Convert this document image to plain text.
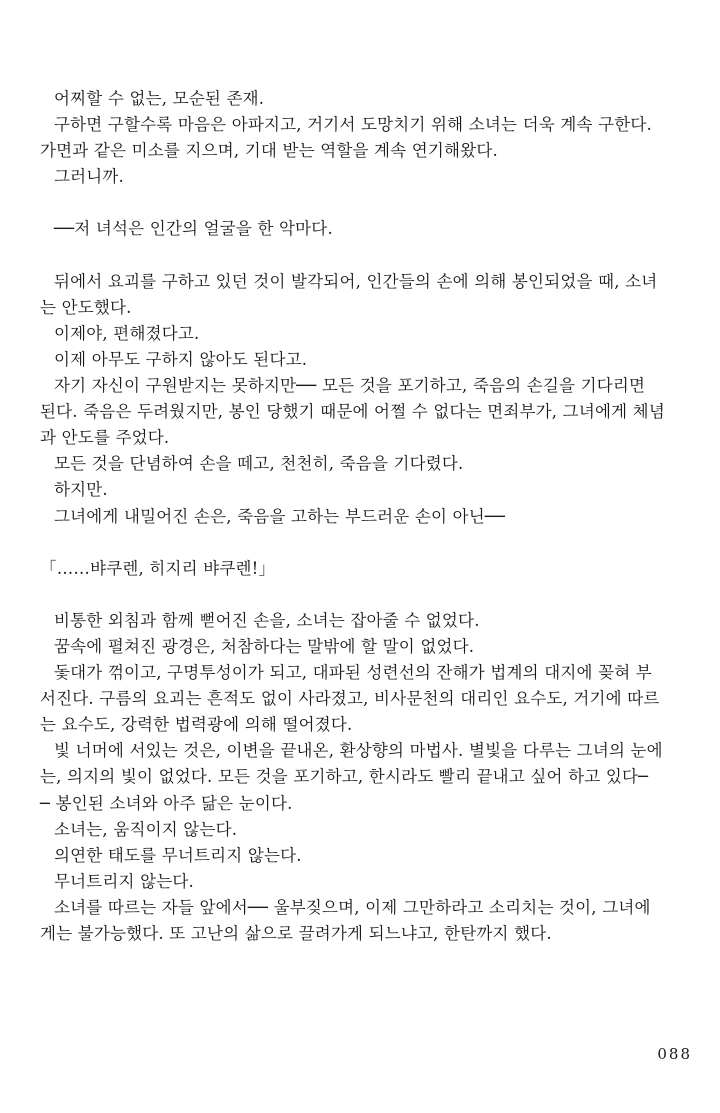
어찌할 수 없는, 모순된 존재.
구하면 구할수록 마음은 아파지고, 거기서 도망치기 위해 소녀는 더욱 계속 구한다.
가면과 같은 미소를 지으며, 기대 받는 역할을 계속 연기해왔다.
그러니까.
──저 녀석은 인간의 얼굴을 한 악마다.
뒤에서 요괴를 구하고 있던 것이 발각되어, 인간들의 손에 의해 봉인되었을 때, 소녀
는 안도했다.
이제야, 편해졌다고.
이제 아무도 구하지 않아도 된다고.
자기 자신이 구원받지는 못하지만── 모든 것을 포기하고, 죽음의 손길을 기다리면
된다. 죽음은 두려웠지만, 봉인 당했기 때문에 어쩔 수 없다는 면죄부가, 그녀에게 체념
과 안도를 주었다.
모든 것을 단념하여 손을 떼고, 천천히, 죽음을 기다렸다.
하지만.
그녀에게 내밀어진 손은, 죽음을 고하는 부드러운 손이 아닌──
「……뱌쿠렌, 히지리 뱌쿠렌!」
비통한 외침과 함께 뻗어진 손을, 소녀는 잡아줄 수 없었다.
꿈속에 펼쳐진 광경은, 처참하다는 말밖에 할 말이 없었다.
돛대가 꺾이고, 구명투성이가 되고, 대파된 성련선의 잔해가 법계의 대지에 꽂혀 부
서진다. 구름의 요괴는 흔적도 없이 사라졌고, 비사문천의 대리인 요수도, 거기에 따르
는 요수도, 강력한 법력광에 의해 떨어졌다.
빛 너머에 서있는 것은, 이변을 끝내온, 환상향의 마법사. 별빛을 다루는 그녀의 눈에
는, 의지의 빛이 없었다. 모든 것을 포기하고, 한시라도 빨리 끝내고 싶어 하고 있다─
─ 봉인된 소녀와 아주 닮은 눈이다.
소녀는, 움직이지 않는다.
의연한 태도를 무너트리지 않는다.
무너트리지 않는다.
소녀를 따르는 자들 앞에서── 울부짖으며, 이제 그만하라고 소리치는 것이, 그녀에
게는 불가능했다. 또 고난의 삶으로 끌려가게 되느냐고, 한탄까지 했다.
088
